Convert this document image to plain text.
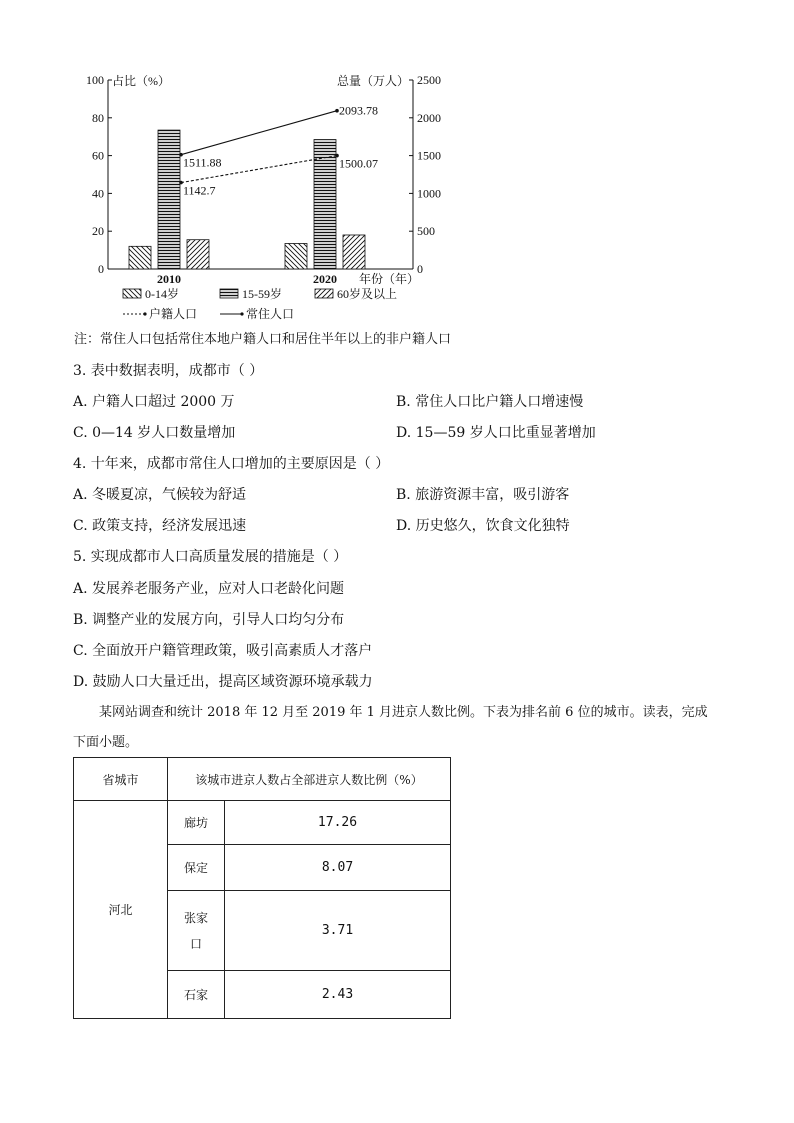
0
20
40
60
80
100
0
500
1000
1500
2000
2500
占比（%）	总量（万人）
2010	2020 年份（年）
1142.7
1500.07
1511.88
2093.78
0-14岁	15-59岁	60岁及以上
户籍人口	常住人口
注：常住人口包括常住本地户籍人口和居住半年以上的非户籍人口
3. 表中数据表明，成都市（ ）
A. 户籍人口超过 2000 万	B. 常住人口比户籍人口增速慢
C. 0—14 岁人口数量增加	D. 15—59 岁人口比重显著增加
4. 十年来，成都市常住人口增加的主要原因是（ ）
A. 冬暖夏凉，气候较为舒适	B. 旅游资源丰富，吸引游客
C. 政策支持，经济发展迅速	D. 历史悠久，饮食文化独特
5. 实现成都市人口高质量发展的措施是（ ）
A. 发展养老服务产业，应对人口老龄化问题
B. 调整产业的发展方向，引导人口均匀分布
C. 全面放开户籍管理政策，吸引高素质人才落户
D. 鼓励人口大量迁出，提高区域资源环境承载力
某网站调查和统计 2018 年 12 月至 2019 年 1 月进京人数比例。下表为排名前 6 位的城市。读表，完成下面小题。
省城市	该城市进京人数占全部进京人数比例（%）	
河北	廊坊	17.26
	保定	8.07
	张家口	3.71
	石家	2.43
